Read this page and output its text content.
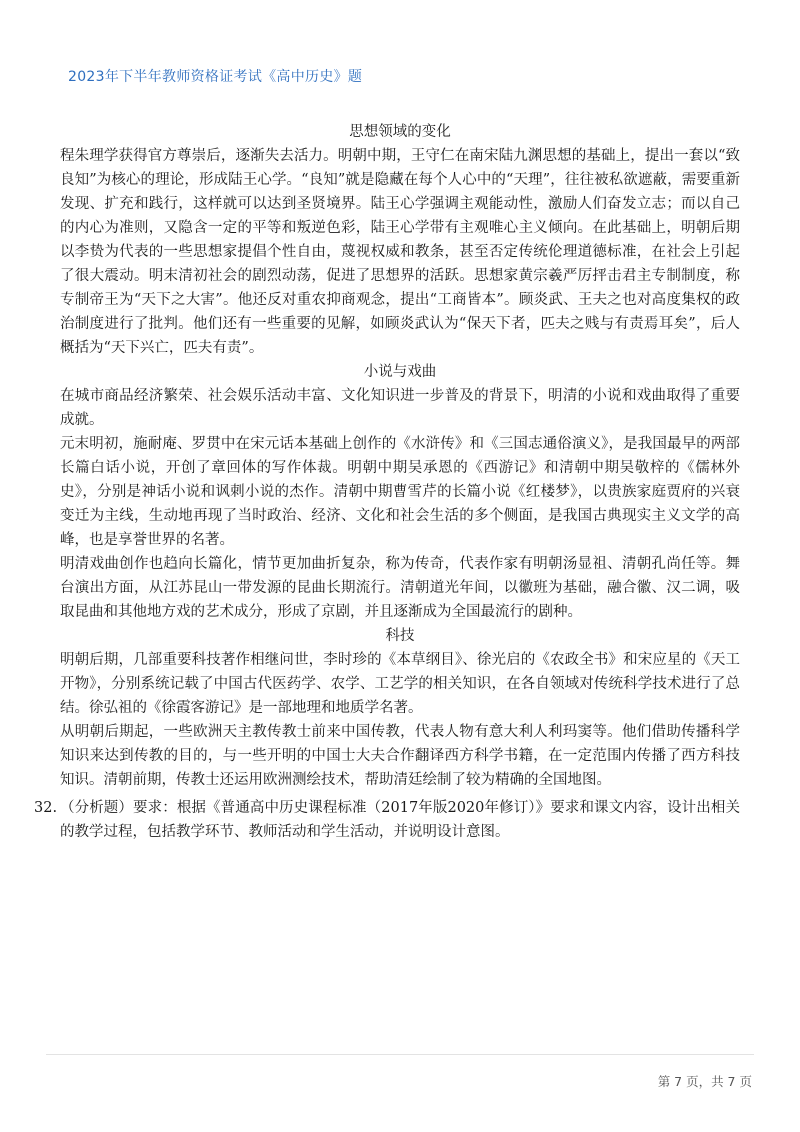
2023年下半年教师资格证考试《高中历史》题

思想领域的变化

程朱理学获得官方尊崇后，逐渐失去活力。明朝中期，王守仁在南宋陆九渊思想的基础上，提出一套以“致良知”为核心的理论，形成陆王心学。“良知”就是隐藏在每个人心中的“天理”，往往被私欲遮蔽，需要重新发现、扩充和践行，这样就可以达到圣贤境界。陆王心学强调主观能动性，激励人们奋发立志；而以自己的内心为准则，又隐含一定的平等和叛逆色彩，陆王心学带有主观唯心主义倾向。在此基础上，明朝后期以李贽为代表的一些思想家提倡个性自由，蔑视权威和教条，甚至否定传统伦理道德标准，在社会上引起了很大震动。明末清初社会的剧烈动荡，促进了思想界的活跃。思想家黄宗羲严厉抨击君主专制制度，称专制帝王为“天下之大害”。他还反对重农抑商观念，提出“工商皆本”。顾炎武、王夫之也对高度集权的政治制度进行了批判。他们还有一些重要的见解，如顾炎武认为“保天下者，匹夫之贱与有责焉耳矣”，后人概括为“天下兴亡，匹夫有责”。

小说与戏曲

在城市商品经济繁荣、社会娱乐活动丰富、文化知识进一步普及的背景下，明清的小说和戏曲取得了重要成就。

元末明初，施耐庵、罗贯中在宋元话本基础上创作的《水浒传》和《三国志通俗演义》，是我国最早的两部长篇白话小说，开创了章回体的写作体裁。明朝中期吴承恩的《西游记》和清朝中期吴敬梓的《儒林外史》，分别是神话小说和讽刺小说的杰作。清朝中期曹雪芹的长篇小说《红楼梦》，以贵族家庭贾府的兴衰变迁为主线，生动地再现了当时政治、经济、文化和社会生活的多个侧面，是我国古典现实主义文学的高峰，也是享誉世界的名著。

明清戏曲创作也趋向长篇化，情节更加曲折复杂，称为传奇，代表作家有明朝汤显祖、清朝孔尚任等。舞台演出方面，从江苏昆山一带发源的昆曲长期流行。清朝道光年间，以徽班为基础，融合徽、汉二调，吸取昆曲和其他地方戏的艺术成分，形成了京剧，并且逐渐成为全国最流行的剧种。

科技

明朝后期，几部重要科技著作相继问世，李时珍的《本草纲目》、徐光启的《农政全书》和宋应星的《天工开物》，分别系统记载了中国古代医药学、农学、工艺学的相关知识，在各自领域对传统科学技术进行了总结。徐弘祖的《徐霞客游记》是一部地理和地质学名著。

从明朝后期起，一些欧洲天主教传教士前来中国传教，代表人物有意大利人利玛窦等。他们借助传播科学知识来达到传教的目的，与一些开明的中国士大夫合作翻译西方科学书籍，在一定范围内传播了西方科技知识。清朝前期，传教士还运用欧洲测绘技术，帮助清廷绘制了较为精确的全国地图。

32. （分析题）要求：根据《普通高中历史课程标准（2017年版2020年修订）》要求和课文内容，设计出相关的教学过程，包括教学环节、教师活动和学生活动，并说明设计意图。
第 7 页，共 7 页
